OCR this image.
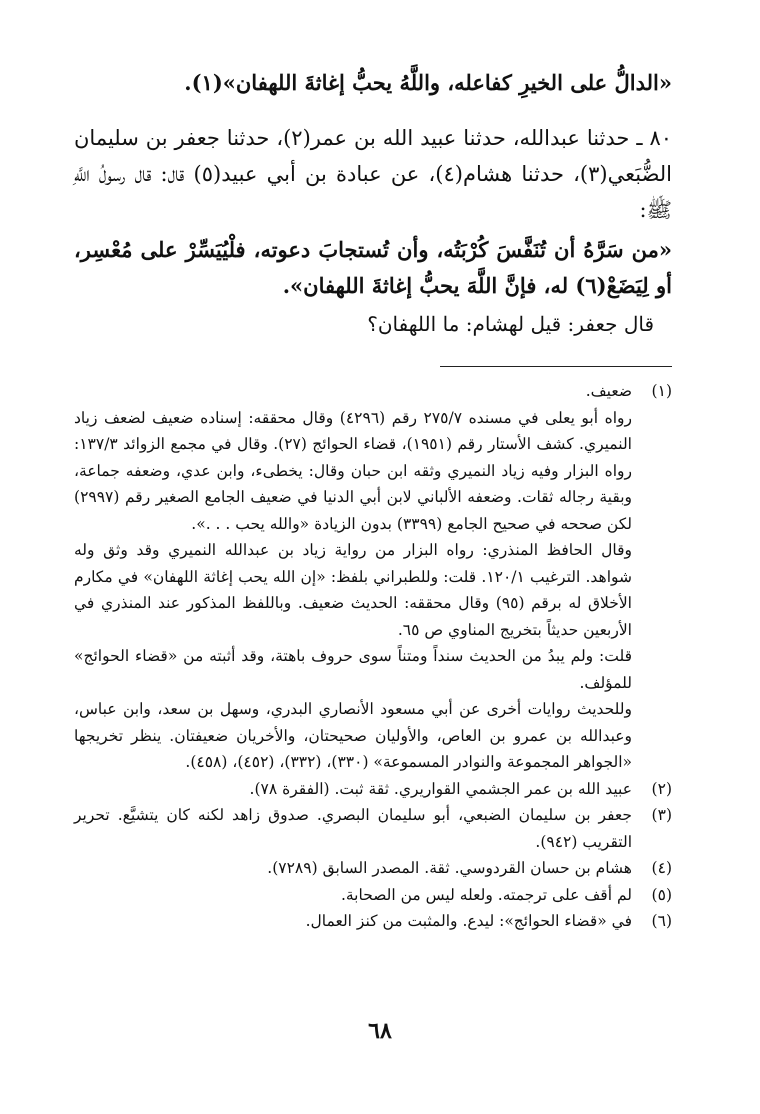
«الدالُّ على الخيرِ كفاعله، واللَّهُ يحبُّ إغاثةَ اللهفان»(١).
٨٠ ـ حدثنا عبدالله، حدثنا عبيد الله بن عمر(٢)، حدثنا جعفر بن سليمان الضُّبَعي(٣)، حدثنا هشام(٤)، عن عبادة بن أبي عبيد(٥) قال: قال رسولُ اللَّهِ ﷺ:
«من سَرَّهُ أن تُنَفَّسَ كُرْبَتُه، وأن تُستجابَ دعوته، فلْيُيَسِّرْ على مُعْسِر، أو لِيَضَعْ(٦) له، فإنَّ اللَّهَ يحبُّ إغاثةَ اللهفان».
قال جعفر: قيل لهشام: ما اللهفان؟
(١)

ضعيف.

رواه أبو يعلى في مسنده ٢٧٥/٧ رقم (٤٢٩٦) وقال محققه: إسناده ضعيف لضعف زياد النميري. كشف الأستار رقم (١٩٥١)، قضاء الحوائج (٢٧). وقال في مجمع الزوائد ١٣٧/٣: رواه البزار وفيه زياد النميري وثقه ابن حبان وقال: يخطىء، وابن عدي، وضعفه جماعة، وبقية رجاله ثقات. وضعفه الألباني لابن أبي الدنيا في ضعيف الجامع الصغير رقم (٢٩٩٧) لكن صححه في صحيح الجامع (٣٣٩٩) بدون الزيادة «والله يحب . . .».

وقال الحافظ المنذري: رواه البزار من رواية زياد بن عبدالله النميري وقد وثق وله شواهد. الترغيب ١٢٠/١. قلت: وللطبراني بلفظ: «إن الله يحب إغاثة اللهفان» في مكارم الأخلاق له برقم (٩٥) وقال محققه: الحديث ضعيف. وباللفظ المذكور عند المنذري في الأربعين حديثاً بتخريج المناوي ص ٦٥.

قلت: ولم يبدُ من الحديث سنداً ومتناً سوى حروف باهتة، وقد أثبته من «قضاء الحوائج» للمؤلف.

وللحديث روايات أخرى عن أبي مسعود الأنصاري البدري، وسهل بن سعد، وابن عباس، وعبدالله بن عمرو بن العاص، والأوليان صحيحتان، والأخريان ضعيفتان. ينظر تخريجها «الجواهر المجموعة والنوادر المسموعة» (٣٣٠)، (٣٣٢)، (٤٥٢)، (٤٥٨).

(٢)

عبيد الله بن عمر الجشمي القواريري. ثقة ثبت. (الفقرة ٧٨).

(٣)

جعفر بن سليمان الضبعي، أبو سليمان البصري. صدوق زاهد لكنه كان يتشيَّع. تحرير التقريب (٩٤٢).

(٤)

هشام بن حسان القردوسي. ثقة. المصدر السابق (٧٢٨٩).

(٥)

لم أقف على ترجمته. ولعله ليس من الصحابة.

(٦)

في «قضاء الحوائج»: ليدع. والمثبت من كنز العمال.

٦٨
